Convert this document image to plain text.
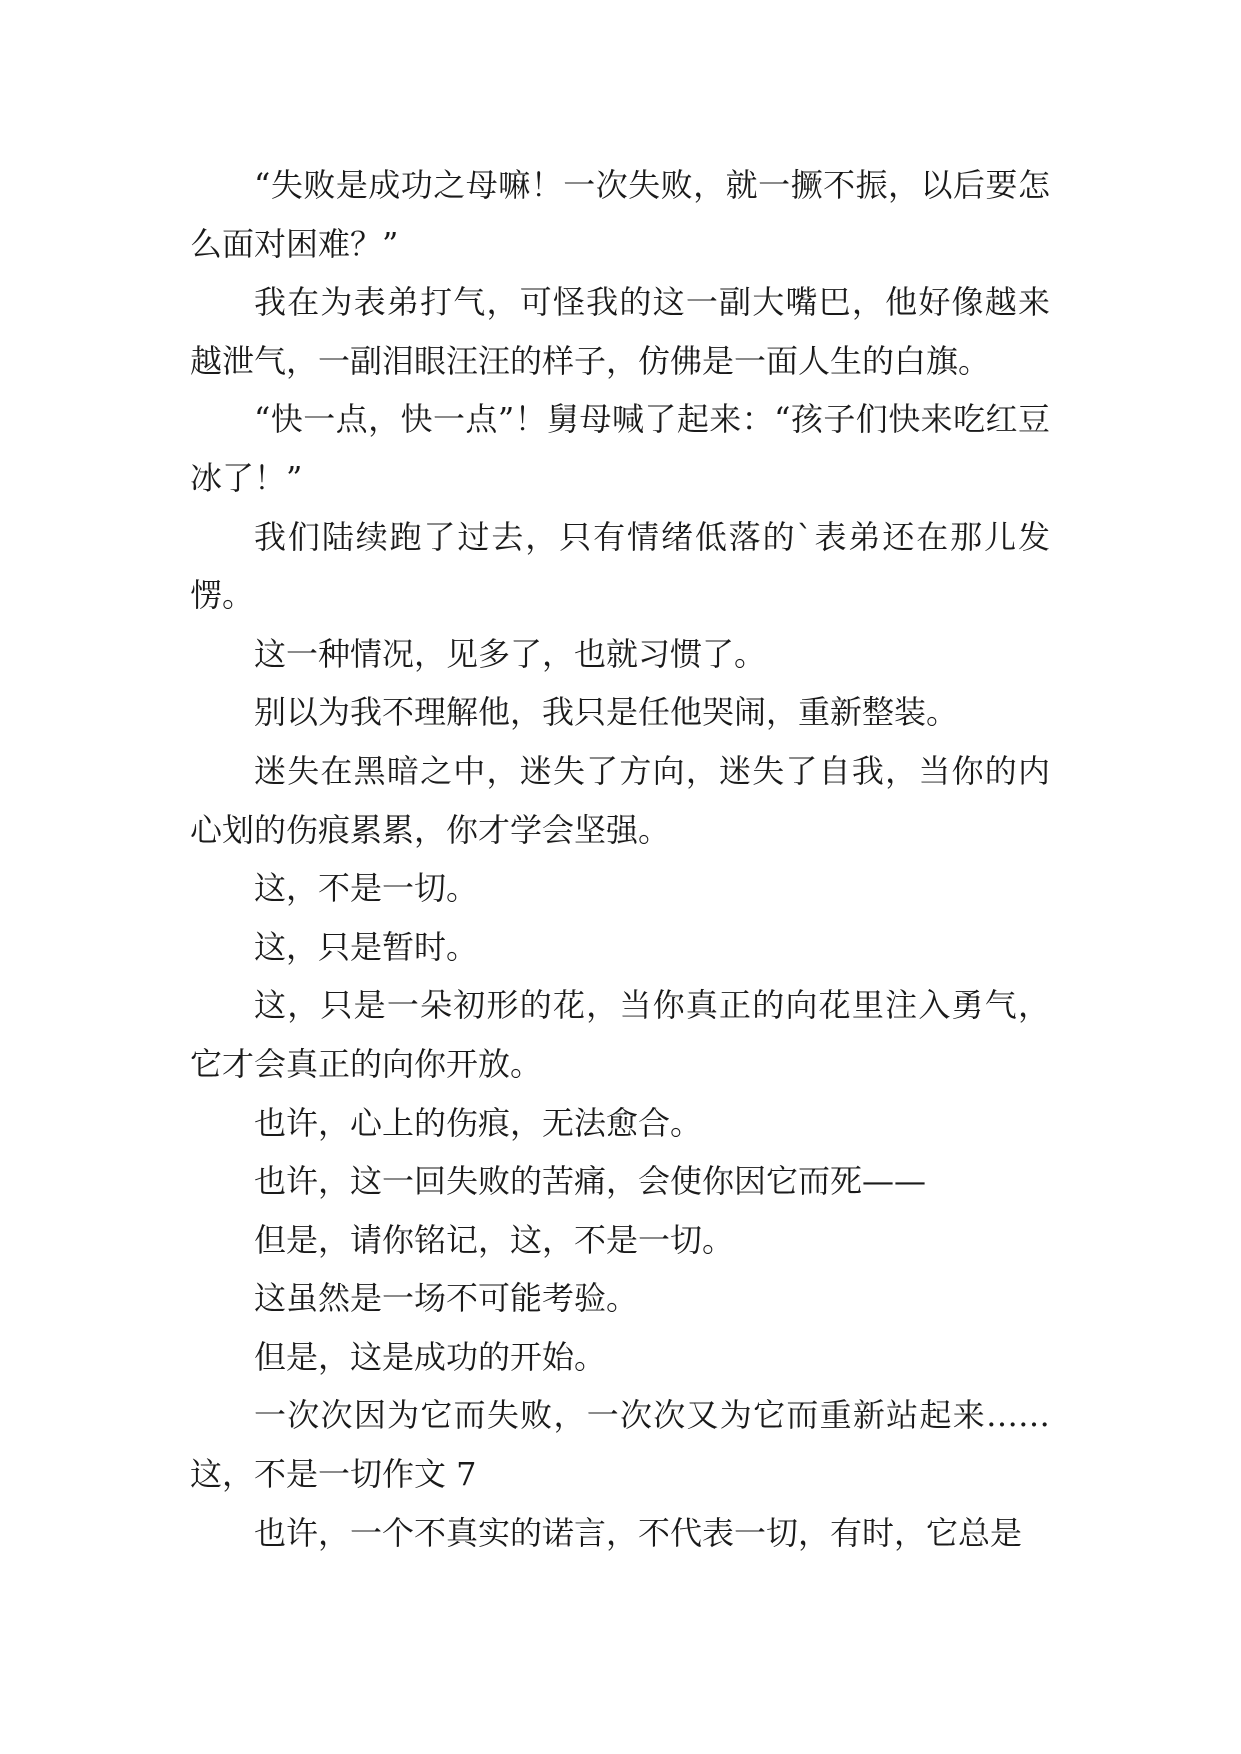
“失败是成功之母嘛！一次失败，就一撅不振，以后要怎么面对困难？”

我在为表弟打气，可怪我的这一副大嘴巴，他好像越来越泄气，一副泪眼汪汪的样子，仿佛是一面人生的白旗。

“快一点，快一点”！舅母喊了起来：“孩子们快来吃红豆冰了！”

我们陆续跑了过去，只有情绪低落的`表弟还在那儿发愣。

这一种情况，见多了，也就习惯了。

别以为我不理解他，我只是任他哭闹，重新整装。

迷失在黑暗之中，迷失了方向，迷失了自我，当你的内心划的伤痕累累，你才学会坚强。

这，不是一切。

这，只是暂时。

这，只是一朵初形的花，当你真正的向花里注入勇气，它才会真正的向你开放。

也许，心上的伤痕，无法愈合。

也许，这一回失败的苦痛，会使你因它而死——

但是，请你铭记，这，不是一切。

这虽然是一场不可能考验。

但是，这是成功的开始。

一次次因为它而失败，一次次又为它而重新站起来……这，不是一切作文 7

也许，一个不真实的诺言，不代表一切，有时，它总是
